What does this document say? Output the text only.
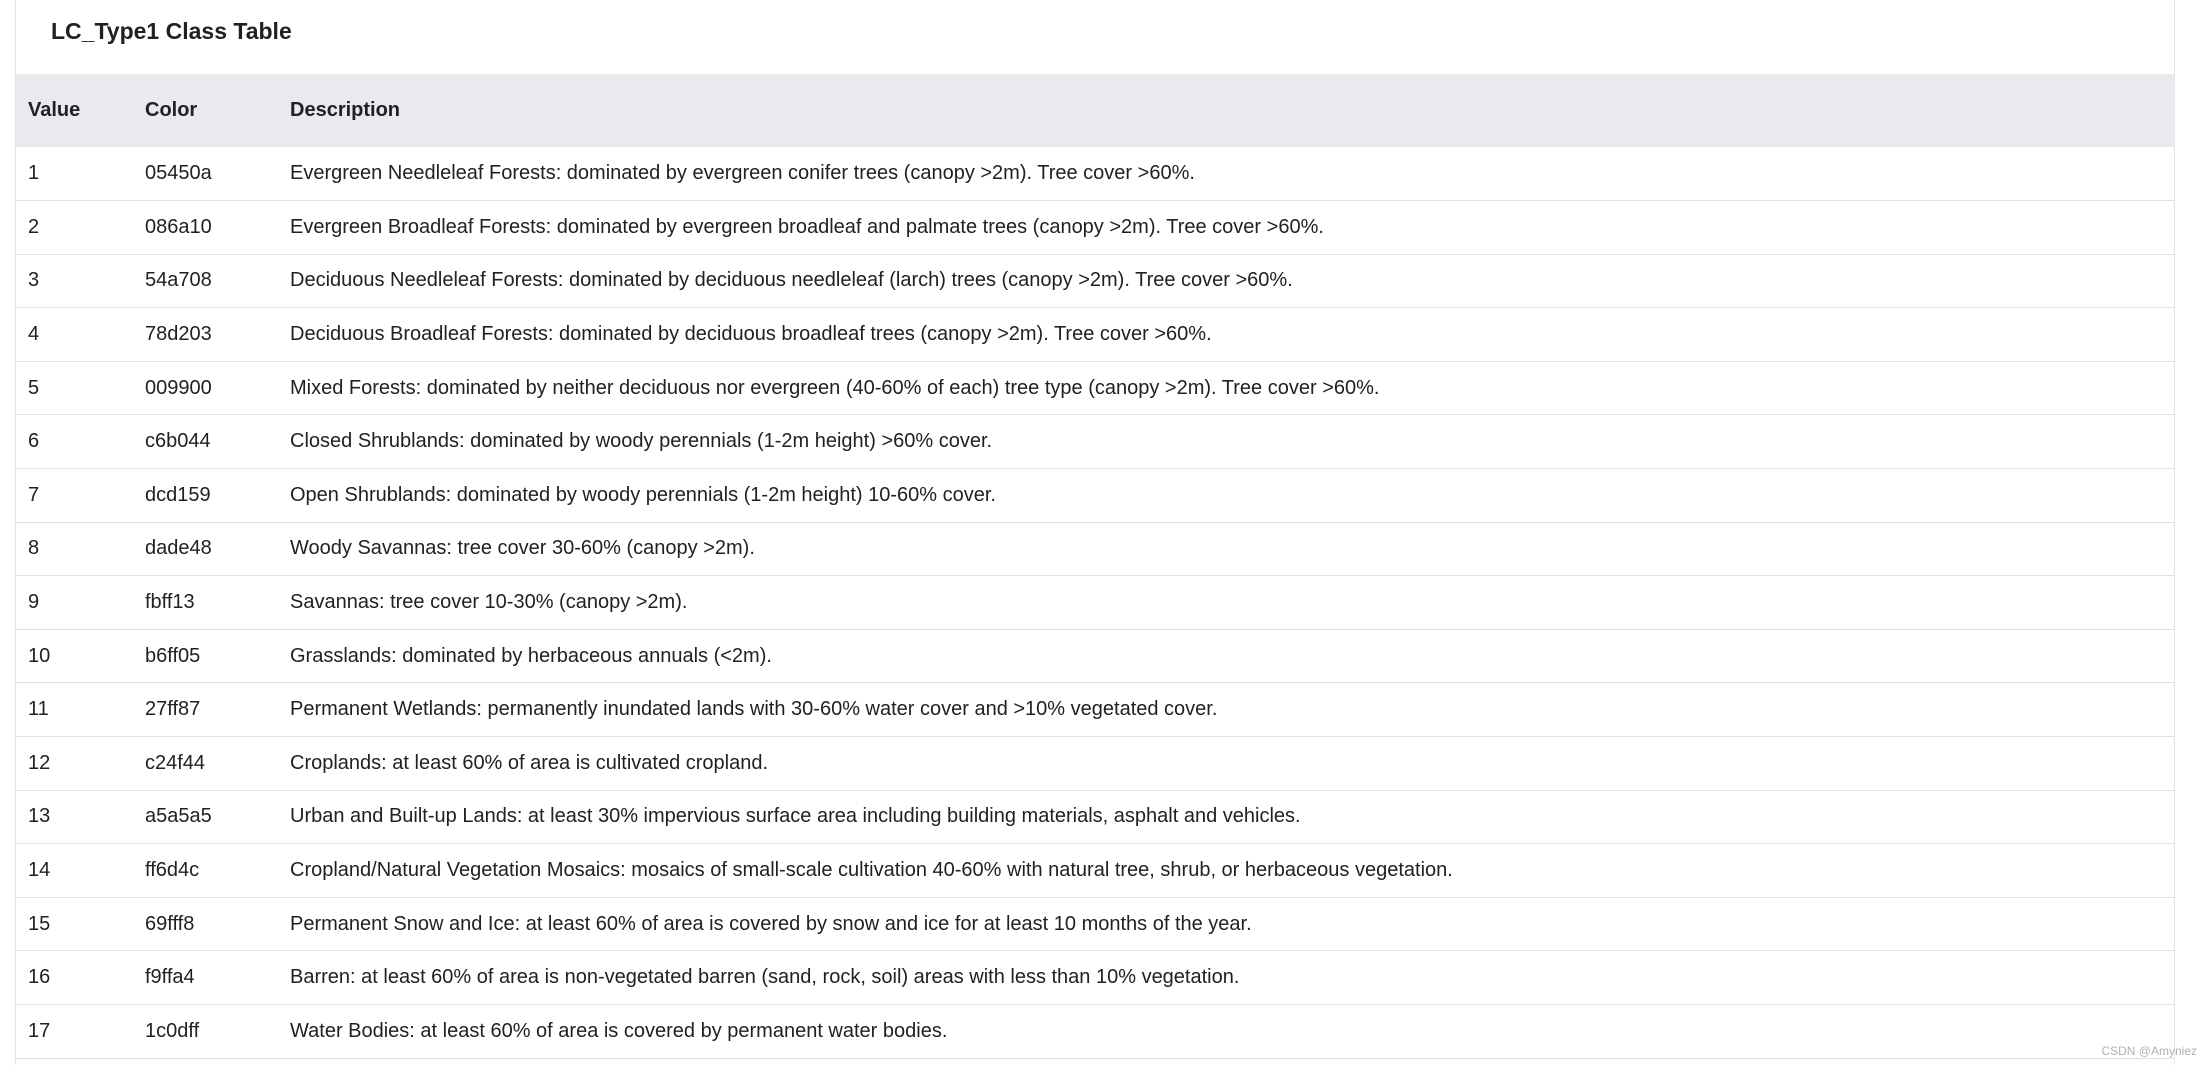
LC_Type1 Class Table
Value	Color	Description
1	05450a	Evergreen Needleleaf Forests: dominated by evergreen conifer trees (canopy >2m). Tree cover >60%.
2	086a10	Evergreen Broadleaf Forests: dominated by evergreen broadleaf and palmate trees (canopy >2m). Tree cover >60%.
3	54a708	Deciduous Needleleaf Forests: dominated by deciduous needleleaf (larch) trees (canopy >2m). Tree cover >60%.
4	78d203	Deciduous Broadleaf Forests: dominated by deciduous broadleaf trees (canopy >2m). Tree cover >60%.
5	009900	Mixed Forests: dominated by neither deciduous nor evergreen (40-60% of each) tree type (canopy >2m). Tree cover >60%.
6	c6b044	Closed Shrublands: dominated by woody perennials (1-2m height) >60% cover.
7	dcd159	Open Shrublands: dominated by woody perennials (1-2m height) 10-60% cover.
8	dade48	Woody Savannas: tree cover 30-60% (canopy >2m).
9	fbff13	Savannas: tree cover 10-30% (canopy >2m).
10	b6ff05	Grasslands: dominated by herbaceous annuals (<2m).
11	27ff87	Permanent Wetlands: permanently inundated lands with 30-60% water cover and >10% vegetated cover.
12	c24f44	Croplands: at least 60% of area is cultivated cropland.
13	a5a5a5	Urban and Built-up Lands: at least 30% impervious surface area including building materials, asphalt and vehicles.
14	ff6d4c	Cropland/Natural Vegetation Mosaics: mosaics of small-scale cultivation 40-60% with natural tree, shrub, or herbaceous vegetation.
15	69fff8	Permanent Snow and Ice: at least 60% of area is covered by snow and ice for at least 10 months of the year.
16	f9ffa4	Barren: at least 60% of area is non-vegetated barren (sand, rock, soil) areas with less than 10% vegetation.
17	1c0dff	Water Bodies: at least 60% of area is covered by permanent water bodies.
CSDN @Amyniez
